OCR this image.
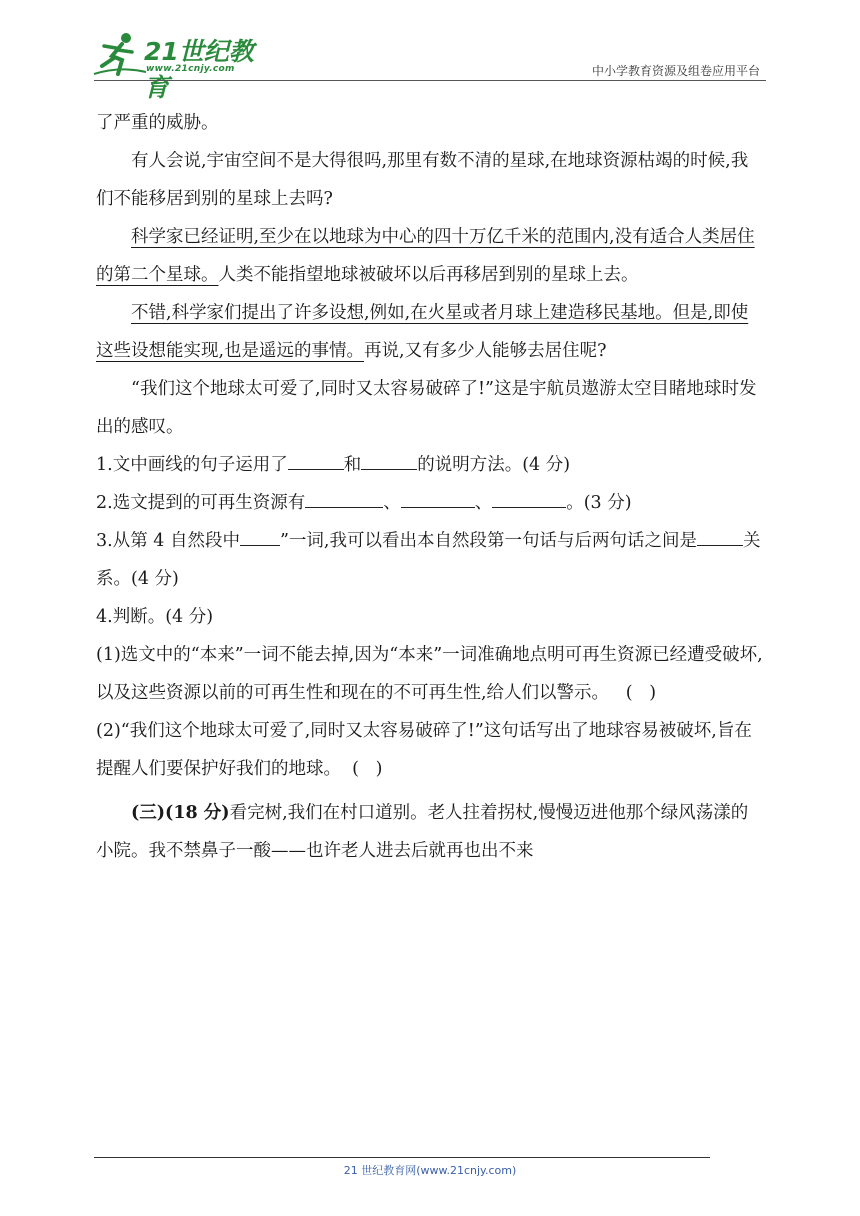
21世纪教育
www.21cnjy.com	中小学教育资源及组卷应用平台

了严重的威胁。

有人会说,宇宙空间不是大得很吗,那里有数不清的星球,在地球资源枯竭的时候,我们不能移居到别的星球上去吗?

科学家已经证明,至少在以地球为中心的四十万亿千米的范围内,没有适合人类居住的第二个星球。人类不能指望地球被破坏以后再移居到别的星球上去。

不错,科学家们提出了许多设想,例如,在火星或者月球上建造移民基地。但是,即使这些设想能实现,也是遥远的事情。再说,又有多少人能够去居住呢?

“我们这个地球太可爱了,同时又太容易破碎了!”这是宇航员遨游太空目睹地球时发出的感叹。

1.文中画线的句子运用了	和	的说明方法。(4 分)

2.选文提到的可再生资源有	、	、	。(3 分)

3.从第 4 自然段中 ”一词,我可以看出本自然段第一句话与后两句话之间是	关系。(4 分)

4.判断。(4 分)

(1)选文中的“本来”一词不能去掉,因为“本来”一词准确地点明可再生资源已经遭受破坏,以及这些资源以前的可再生性和现在的不可再生性,给人们以警示。   (   )

(2)“我们这个地球太可爱了,同时又太容易破碎了!”这句话写出了地球容易被破坏,旨在提醒人们要保护好我们的地球。  (   )

(三)(18 分)看完树,我们在村口道别。老人拄着拐杖,慢慢迈进他那个绿风荡漾的小院。我不禁鼻子一酸——也许老人进去后就再也出不来

21 世纪教育网(www.21cnjy.com)
